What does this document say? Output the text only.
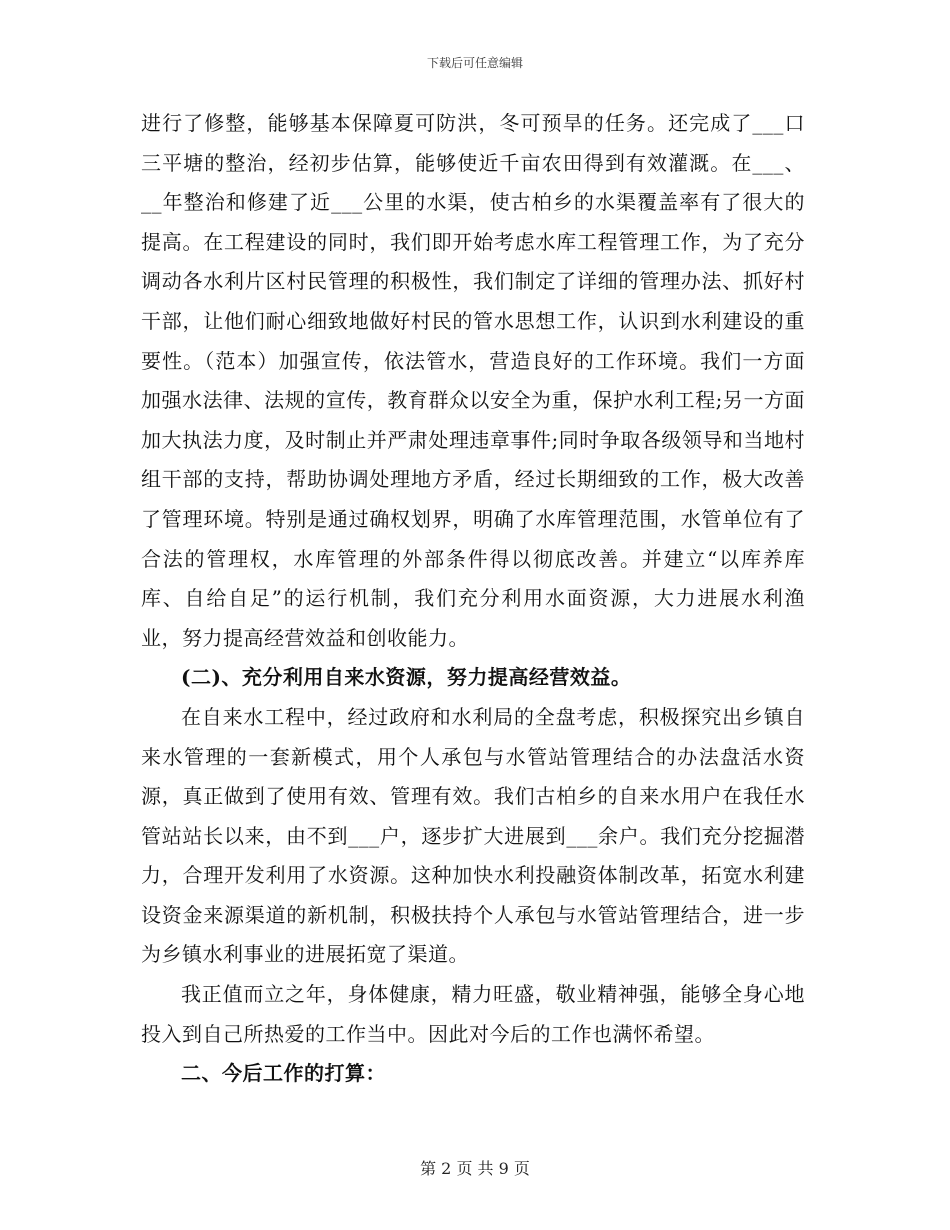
下载后可任意编辑

进行了修整，能够基本保障夏可防洪，冬可预旱的任务。还完成了___口三平塘的整治，经初步估算，能够使近千亩农田得到有效灌溉。在___、__年整治和修建了近___公里的水渠，使古柏乡的水渠覆盖率有了很大的提高。在工程建设的同时，我们即开始考虑水库工程管理工作，为了充分调动各水利片区村民管理的积极性，我们制定了详细的管理办法、抓好村干部，让他们耐心细致地做好村民的管水思想工作，认识到水利建设的重要性。（范本）加强宣传，依法管水，营造良好的工作环境。我们一方面加强水法律、法规的宣传，教育群众以安全为重，保护水利工程;另一方面加大执法力度，及时制止并严肃处理违章事件;同时争取各级领导和当地村组干部的支持，帮助协调处理地方矛盾，经过长期细致的工作，极大改善了管理环境。特别是通过确权划界，明确了水库管理范围，水管单位有了合法的管理权，水库管理的外部条件得以彻底改善。并建立“以库养库库、自给自足”的运行机制，我们充分利用水面资源，大力进展水利渔业，努力提高经营效益和创收能力。

(二)、充分利用自来水资源，努力提高经营效益。

在自来水工程中，经过政府和水利局的全盘考虑，积极探究出乡镇自来水管理的一套新模式，用个人承包与水管站管理结合的办法盘活水资源，真正做到了使用有效、管理有效。我们古柏乡的自来水用户在我任水管站站长以来，由不到___户，逐步扩大进展到___余户。我们充分挖掘潜力，合理开发利用了水资源。这种加快水利投融资体制改革，拓宽水利建设资金来源渠道的新机制，积极扶持个人承包与水管站管理结合，进一步为乡镇水利事业的进展拓宽了渠道。

我正值而立之年，身体健康，精力旺盛，敬业精神强，能够全身心地投入到自己所热爱的工作当中。因此对今后的工作也满怀希望。

二、今后工作的打算：

第 2 页 共 9 页
